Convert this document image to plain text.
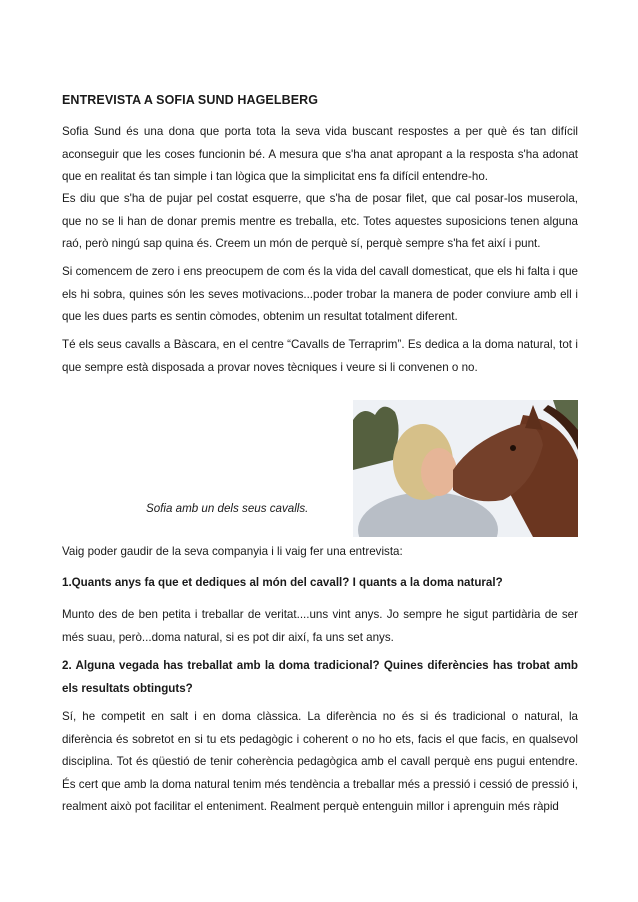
ENTREVISTA A SOFIA SUND HAGELBERG

Sofia Sund és una dona que porta tota la seva vida buscant respostes a per què és tan difícil aconseguir que les coses funcionin bé. A mesura que s'ha anat apropant a la resposta s'ha adonat que en realitat és tan simple i tan lògica que la simplicitat ens fa difícil entendre-ho.

Es diu que s'ha de pujar pel costat esquerre, que s'ha de posar filet, que cal posar-los muserola, que no se li han de donar premis mentre es treballa, etc. Totes aquestes suposicions tenen alguna raó, però ningú sap quina és. Creem un món de perquè sí, perquè sempre s'ha fet així i punt.

Si comencem de zero i ens preocupem de com és la vida del cavall domesticat, que els hi falta i que els hi sobra, quines són les seves motivacions...poder trobar la manera de poder conviure amb ell i que les dues parts es sentin còmodes, obtenim un resultat totalment diferent.

Té els seus cavalls a Bàscara, en el centre “Cavalls de Terraprim”. Es dedica a la doma natural, tot i que sempre està disposada a provar noves tècniques i veure si li convenen o no.

Sofia amb un dels seus cavalls.

Vaig poder gaudir de la seva companyia i li vaig fer una entrevista:

1.Quants anys fa que et dediques al món del cavall? I quants a la doma natural?

Munto des de ben petita i treballar de veritat....uns vint anys. Jo sempre he sigut partidària de ser més suau, però...doma natural, si es pot dir així, fa uns set anys.

2. Alguna vegada has treballat amb la doma tradicional? Quines diferències has trobat amb els resultats obtinguts?

Sí, he competit en salt i en doma clàssica. La diferència no és si és tradicional o natural, la diferència és sobretot en si tu ets pedagògic i coherent o no ho ets, facis el que facis, en qualsevol disciplina. Tot és qüestió de tenir coherència pedagògica amb el cavall perquè ens pugui entendre. És cert que amb la doma natural tenim més tendència a treballar més a pressió i cessió de pressió i, realment això pot facilitar el enteniment. Realment perquè entenguin millor i aprenguin més ràpid
